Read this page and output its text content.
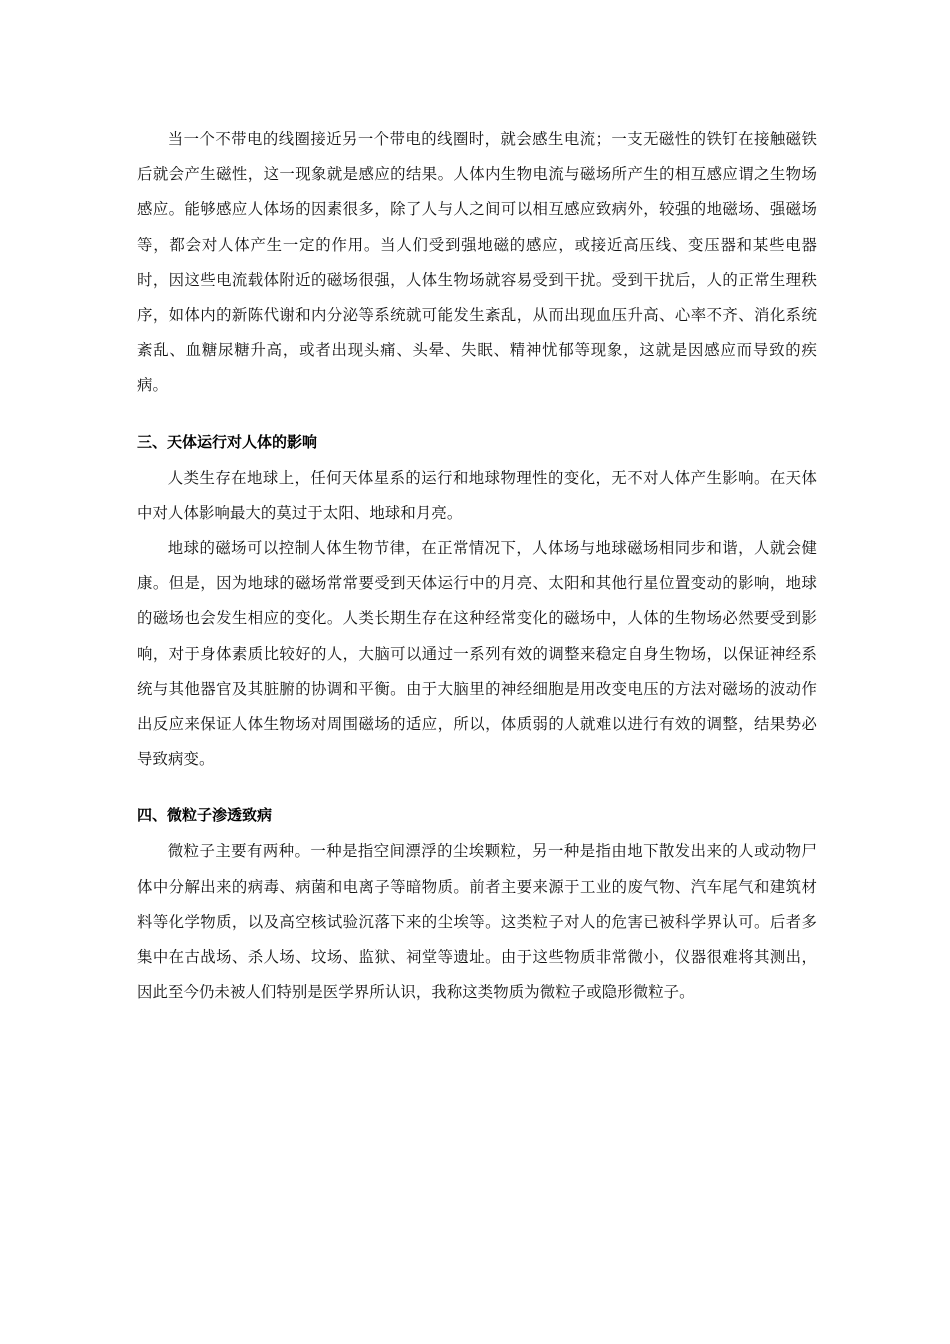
当一个不带电的线圈接近另一个带电的线圈时，就会感生电流；一支无磁性的铁钉在接触磁铁后就会产生磁性，这一现象就是感应的结果。人体内生物电流与磁场所产生的相互感应谓之生物场感应。能够感应人体场的因素很多，除了人与人之间可以相互感应致病外，较强的地磁场、强磁场等，都会对人体产生一定的作用。当人们受到强地磁的感应，或接近高压线、变压器和某些电器时，因这些电流载体附近的磁场很强，人体生物场就容易受到干扰。受到干扰后，人的正常生理秩序，如体内的新陈代谢和内分泌等系统就可能发生紊乱，从而出现血压升高、心率不齐、消化系统紊乱、血糖尿糖升高，或者出现头痛、头晕、失眠、精神忧郁等现象，这就是因感应而导致的疾病。

三、天体运行对人体的影响

人类生存在地球上，任何天体星系的运行和地球物理性的变化，无不对人体产生影响。在天体中对人体影响最大的莫过于太阳、地球和月亮。

地球的磁场可以控制人体生物节律，在正常情况下，人体场与地球磁场相同步和谐，人就会健康。但是，因为地球的磁场常常要受到天体运行中的月亮、太阳和其他行星位置变动的影响，地球的磁场也会发生相应的变化。人类长期生存在这种经常变化的磁场中，人体的生物场必然要受到影响，对于身体素质比较好的人，大脑可以通过一系列有效的调整来稳定自身生物场，以保证神经系统与其他器官及其脏腑的协调和平衡。由于大脑里的神经细胞是用改变电压的方法对磁场的波动作出反应来保证人体生物场对周围磁场的适应，所以，体质弱的人就难以进行有效的调整，结果势必导致病变。

四、微粒子渗透致病

微粒子主要有两种。一种是指空间漂浮的尘埃颗粒，另一种是指由地下散发出来的人或动物尸体中分解出来的病毒、病菌和电离子等暗物质。前者主要来源于工业的废气物、汽车尾气和建筑材料等化学物质，以及高空核试验沉落下来的尘埃等。这类粒子对人的危害已被科学界认可。后者多集中在古战场、杀人场、坟场、监狱、祠堂等遗址。由于这些物质非常微小，仪器很难将其测出，因此至今仍未被人们特别是医学界所认识，我称这类物质为微粒子或隐形微粒子。
